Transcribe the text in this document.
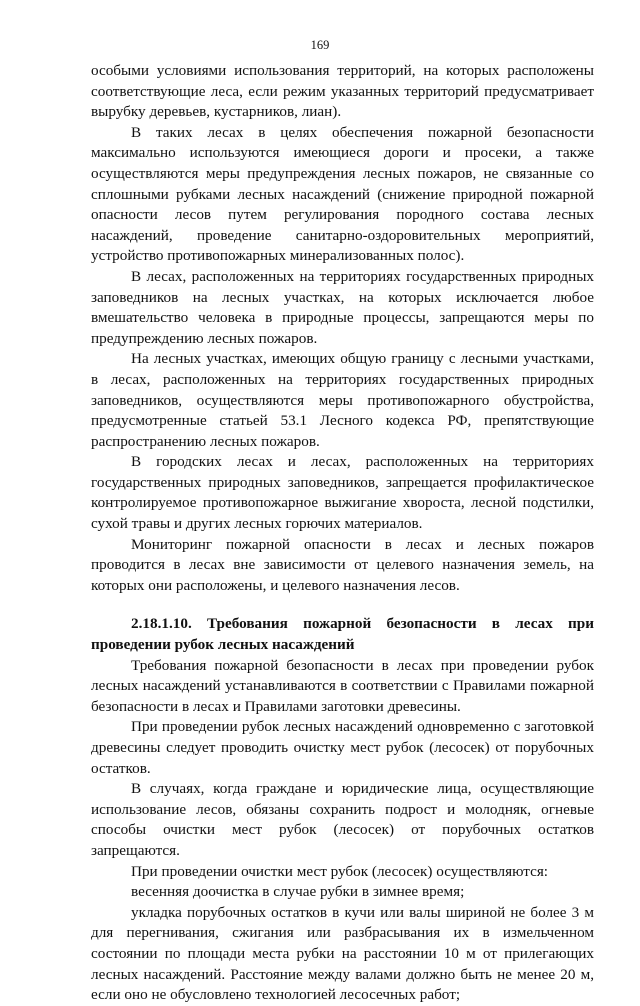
169

особыми условиями использования территорий, на которых расположены соответствующие леса, если режим указанных территорий предусматривает вырубку деревьев, кустарников, лиан).

В таких лесах в целях обеспечения пожарной безопасности максимально используются имеющиеся дороги и просеки, а также осуществляются меры предупреждения лесных пожаров, не связанные со сплошными рубками лесных насаждений (снижение природной пожарной опасности лесов путем регулирования породного состава лесных насаждений, проведение санитарно-оздоровительных мероприятий, устройство противопожарных минерализованных полос).

В лесах, расположенных на территориях государственных природных заповедников на лесных участках, на которых исключается любое вмешательство человека в природные процессы, запрещаются меры по предупреждению лесных пожаров.

На лесных участках, имеющих общую границу с лесными участками, в лесах, расположенных на территориях государственных природных заповедников, осуществляются меры противопожарного обустройства, предусмотренные статьей 53.1 Лесного кодекса РФ, препятствующие распространению лесных пожаров.

В городских лесах и лесах, расположенных на территориях государственных природных заповедников, запрещается профилактическое контролируемое противопожарное выжигание хвороста, лесной подстилки, сухой травы и других лесных горючих материалов.

Мониторинг пожарной опасности в лесах и лесных пожаров проводится в лесах вне зависимости от целевого назначения земель, на которых они расположены, и целевого назначения лесов.

2.18.1.10. Требования пожарной безопасности в лесах при проведении рубок лесных насаждений

Требования пожарной безопасности в лесах при проведении рубок лесных насаждений устанавливаются в соответствии с Правилами пожарной безопасности в лесах и Правилами заготовки древесины.

При проведении рубок лесных насаждений одновременно с заготовкой древесины следует проводить очистку мест рубок (лесосек) от порубочных остатков.

В случаях, когда граждане и юридические лица, осуществляющие использование лесов, обязаны сохранить подрост и молодняк, огневые способы очистки мест рубок (лесосек) от порубочных остатков запрещаются.

При проведении очистки мест рубок (лесосек) осуществляются:

весенняя доочистка в случае рубки в зимнее время;

укладка порубочных остатков в кучи или валы шириной не более 3 м для перегнивания, сжигания или разбрасывания их в измельченном состоянии по площади места рубки на расстоянии 10 м от прилегающих лесных насаждений. Расстояние между валами должно быть не менее 20 м, если оно не обусловлено технологией лесосечных работ;
